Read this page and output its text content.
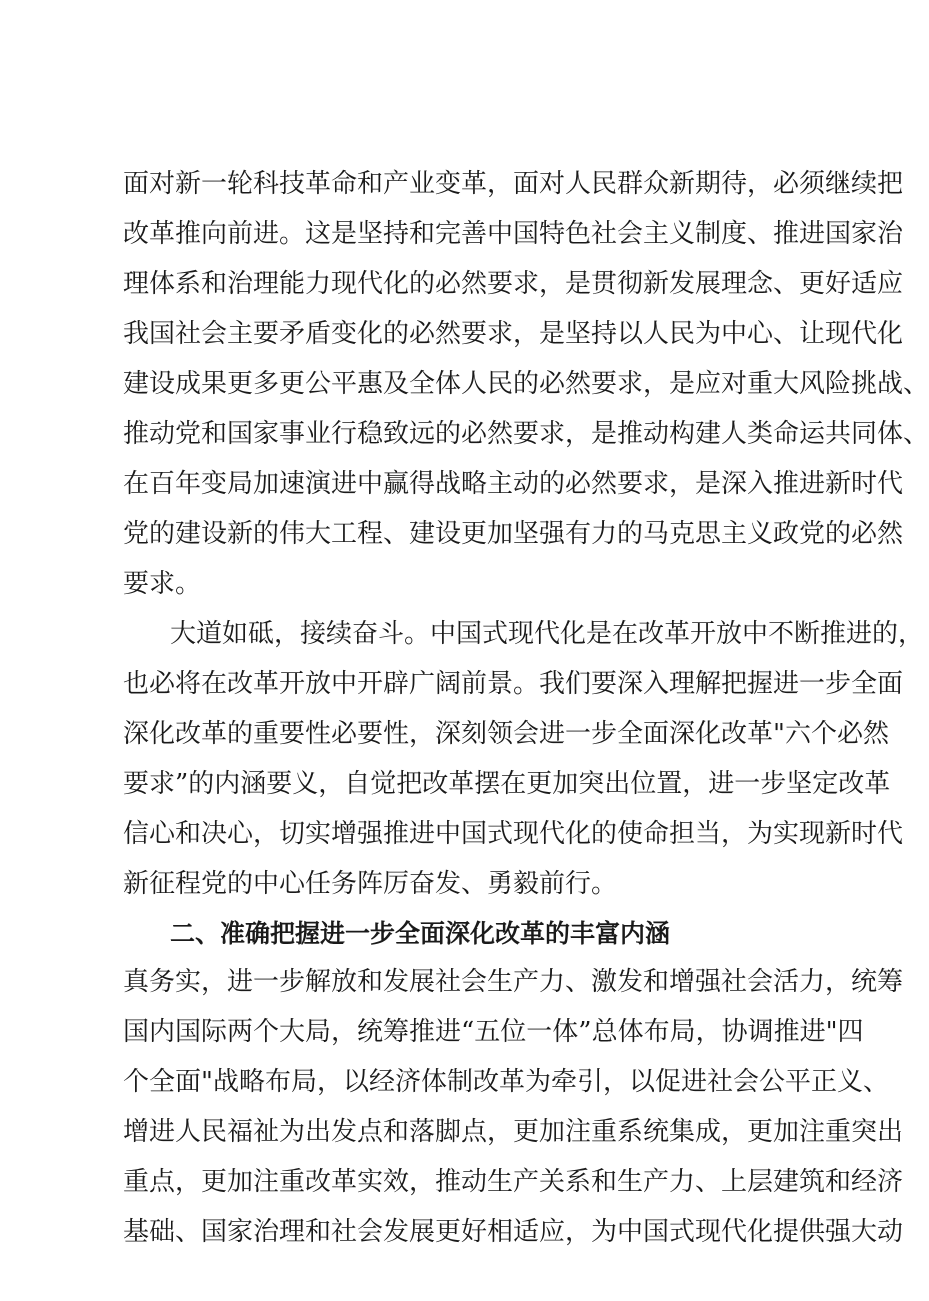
面对新一轮科技革命和产业变革，面对人民群众新期待，必须继续把
改革推向前进。这是坚持和完善中国特色社会主义制度、推进国家治
理体系和治理能力现代化的必然要求，是贯彻新发展理念、更好适应
我国社会主要矛盾变化的必然要求，是坚持以人民为中心、让现代化
建设成果更多更公平惠及全体人民的必然要求，是应对重大风险挑战、
推动党和国家事业行稳致远的必然要求，是推动构建人类命运共同体、
在百年变局加速演进中赢得战略主动的必然要求，是深入推进新时代
党的建设新的伟大工程、建设更加坚强有力的马克思主义政党的必然
要求。
大道如砥，接续奋斗。中国式现代化是在改革开放中不断推进的，
也必将在改革开放中开辟广阔前景。我们要深入理解把握进一步全面
深化改革的重要性必要性，深刻领会进一步全面深化改革"六个必然
要求”的内涵要义，自觉把改革摆在更加突出位置，进一步坚定改革
信心和决心，切实增强推进中国式现代化的使命担当，为实现新时代
新征程党的中心任务阵厉奋发、勇毅前行。
二、准确把握进一步全面深化改革的丰富内涵
真务实，进一步解放和发展社会生产力、激发和增强社会活力，统筹
国内国际两个大局，统筹推进“五位一体”总体布局，协调推进"四
个全面"战略布局，以经济体制改革为牵引，以促进社会公平正义、
增进人民福祉为出发点和落脚点，更加注重系统集成，更加注重突出
重点，更加注重改革实效，推动生产关系和生产力、上层建筑和经济
基础、国家治理和社会发展更好相适应，为中国式现代化提供强大动
